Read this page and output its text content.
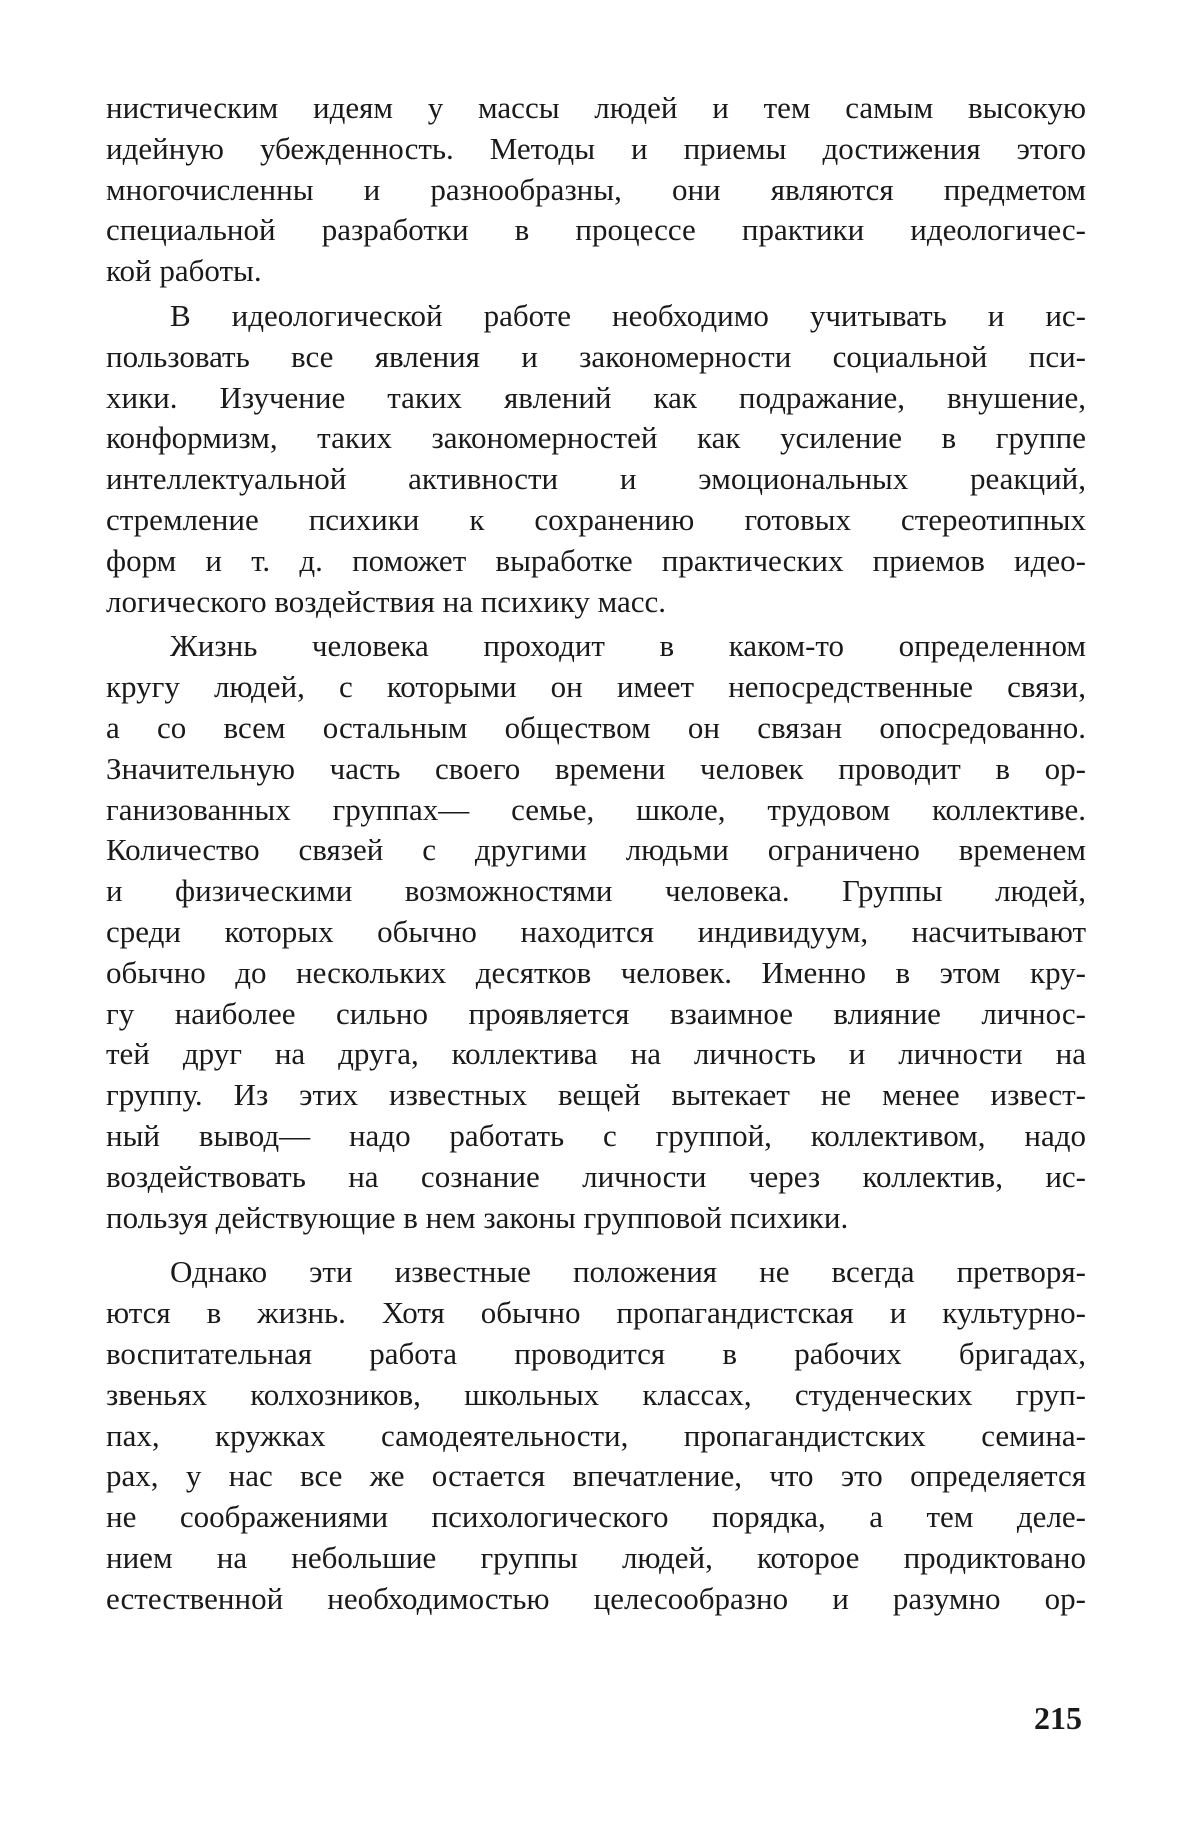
нистическим идеям у массы людей и тем самым высокую
идейную убежденность. Методы и приемы достижения этого
многочисленны и разнообразны, они являются предметом
специальной разработки в процессе практики идеологичес-
кой работы.
В идеологической работе необходимо учитывать и ис-
пользовать все явления и закономерности социальной пси-
хики. Изучение таких явлений как подражание, внушение,
конформизм, таких закономерностей как усиление в группе
интеллектуальной активности и эмоциональных реакций,
стремление психики к сохранению готовых стереотипных
форм и т. д. поможет выработке практических приемов идео-
логического воздействия на психику масс.
Жизнь человека проходит в каком-то определенном
кругу людей, с которыми он имеет непосредственные связи,
а со всем остальным обществом он связан опосредованно.
Значительную часть своего времени человек проводит в ор-
ганизованных группах— семье, школе, трудовом коллективе.
Количество связей с другими людьми ограничено временем
и физическими возможностями человека. Группы людей,
среди которых обычно находится индивидуум, насчитывают
обычно до нескольких десятков человек. Именно в этом кру-
гу наиболее сильно проявляется взаимное влияние личнос-
тей друг на друга, коллектива на личность и личности на
группу. Из этих известных вещей вытекает не менее извест-
ный вывод— надо работать с группой, коллективом, надо
воздействовать на сознание личности через коллектив, ис-
пользуя действующие в нем законы групповой психики.
Однако эти известные положения не всегда претворя-
ются в жизнь. Хотя обычно пропагандистская и культурно-
воспитательная работа проводится в рабочих бригадах,
звеньях колхозников, школьных классах, студенческих груп-
пах, кружках самодеятельности, пропагандистских семина-
рах, у нас все же остается впечатление, что это определяется
не соображениями психологического порядка, а тем деле-
нием на небольшие группы людей, которое продиктовано
естественной необходимостью целесообразно и разумно ор-
215
